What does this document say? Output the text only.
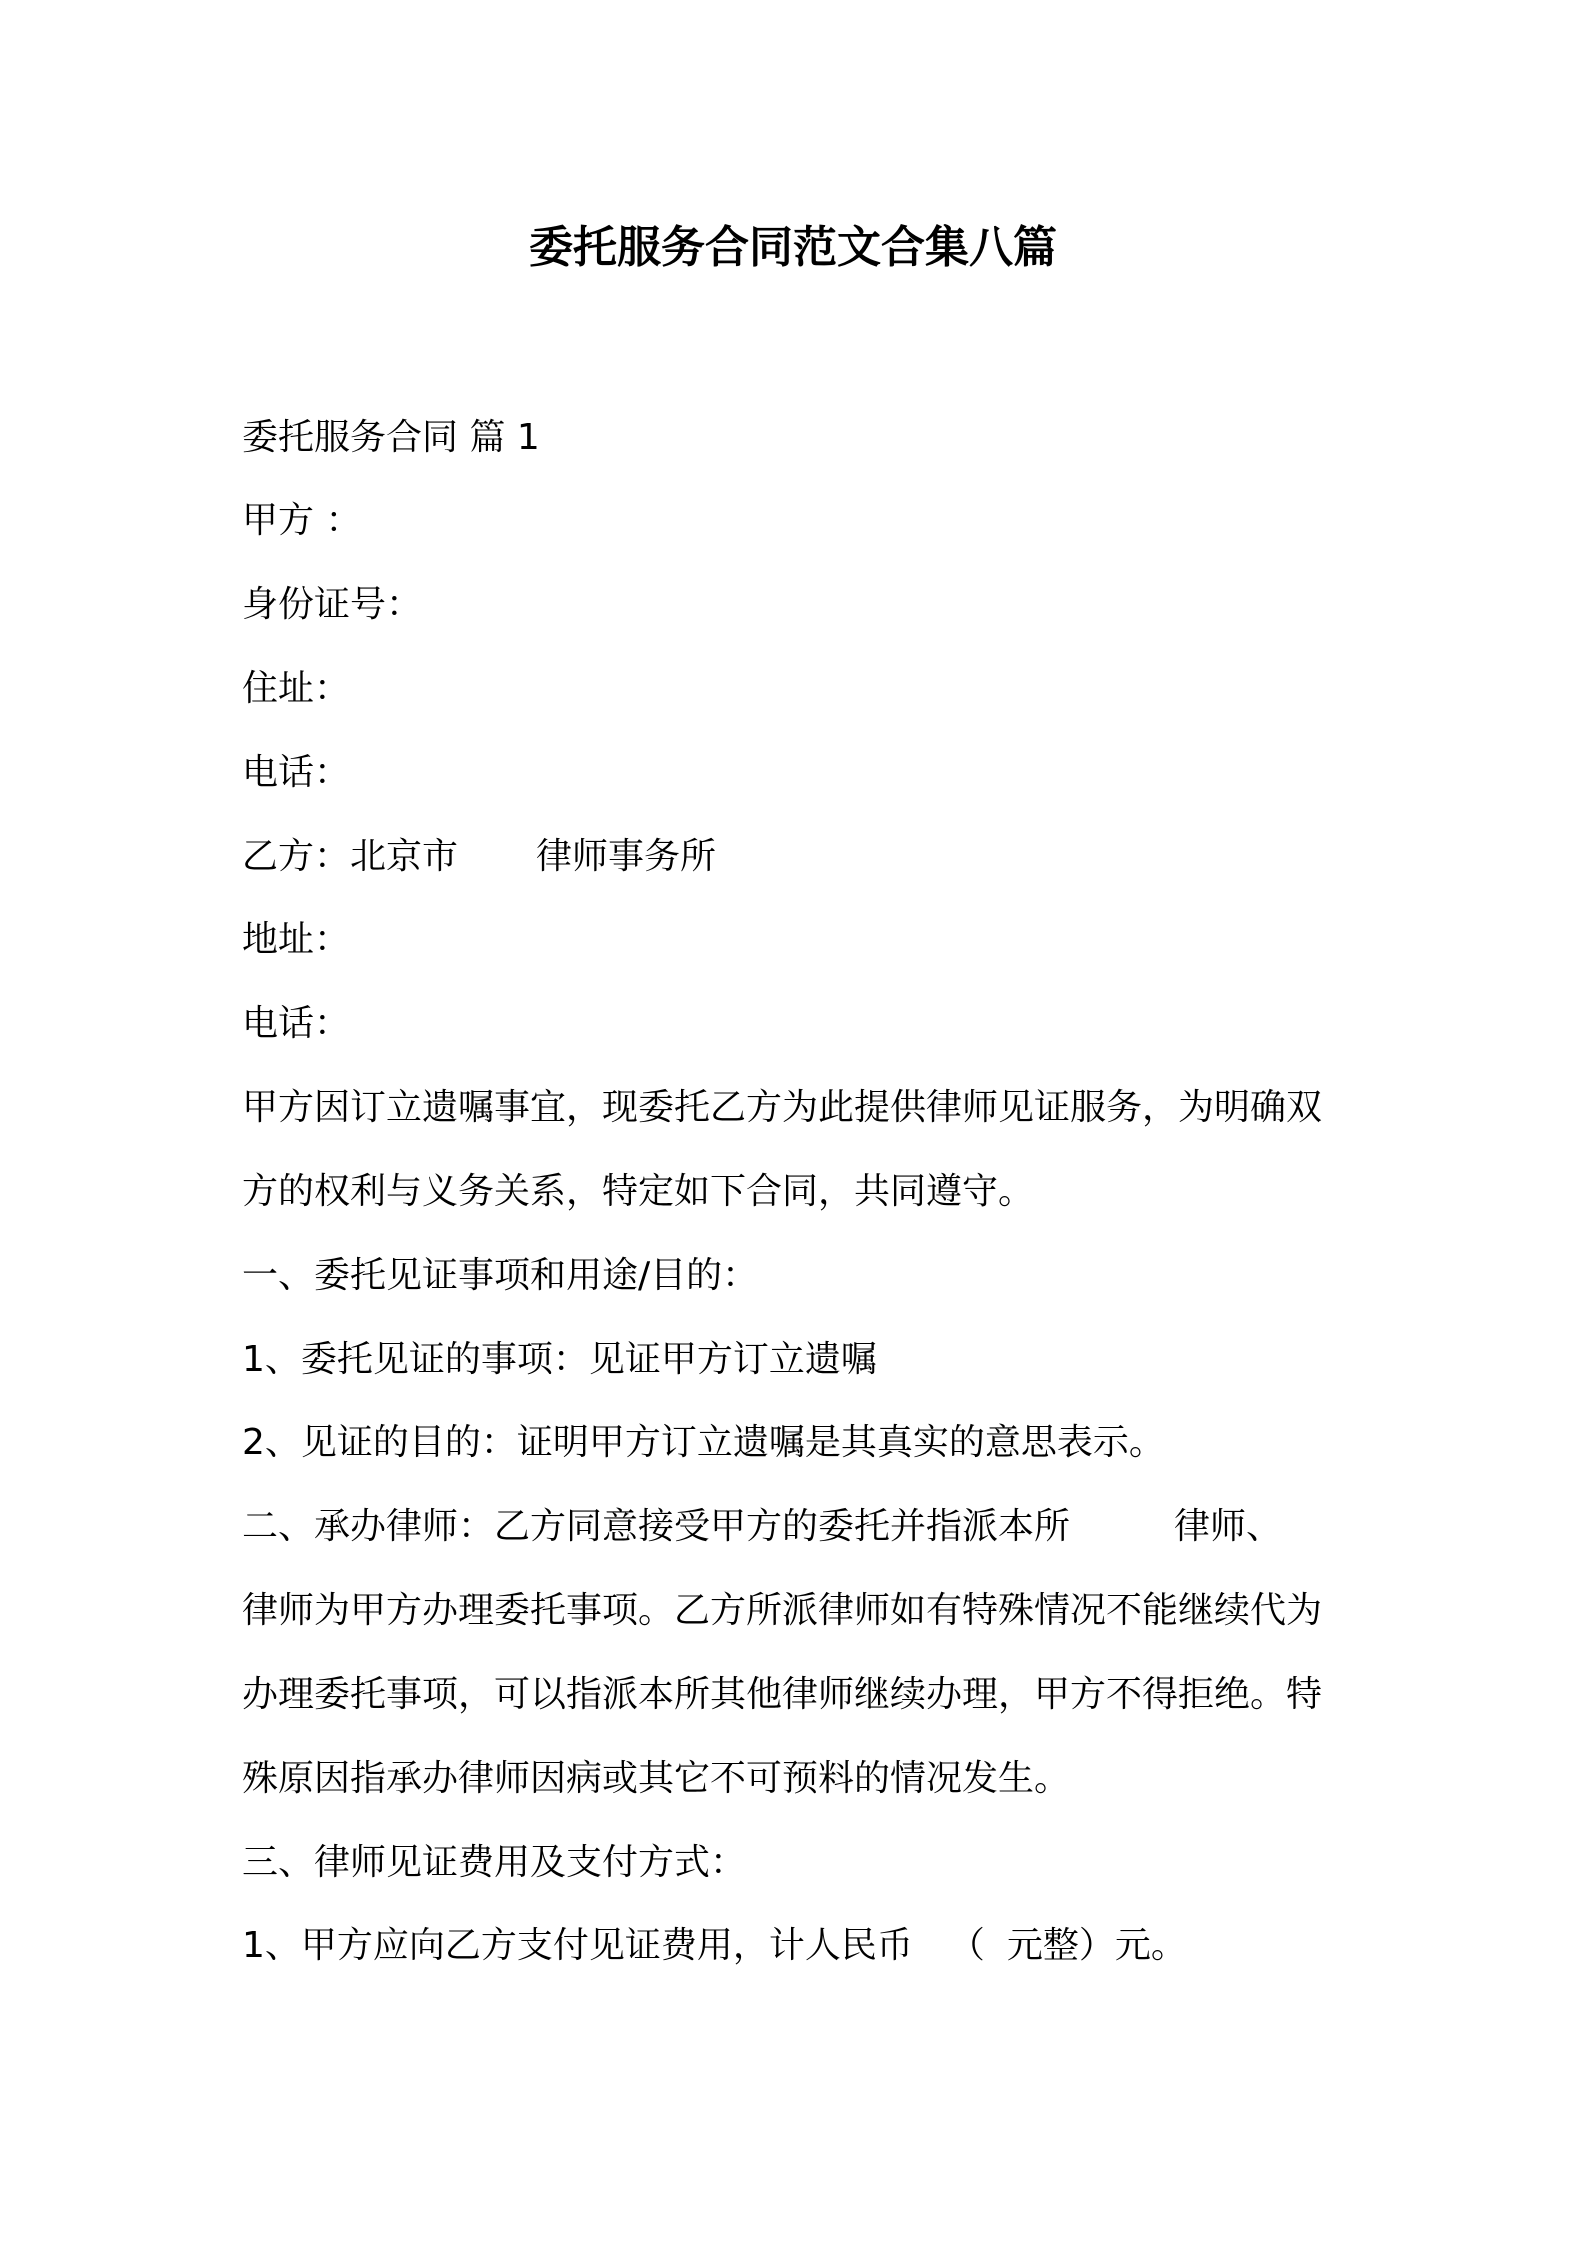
委托服务合同范文合集八篇
委托服务合同 篇 1
甲方 ：
身份证号：
住址：
电话：
乙方：北京市 律师事务所
地址：
电话：
甲方因订立遗嘱事宜，现委托乙方为此提供律师见证服务，为明确双
方的权利与义务关系，特定如下合同，共同遵守。
一、委托见证事项和用途/目的：
1、委托见证的事项：见证甲方订立遗嘱
2、见证的目的：证明甲方订立遗嘱是其真实的意思表示。
二、承办律师：乙方同意接受甲方的委托并指派本所	律师、
律师为甲方办理委托事项。乙方所派律师如有特殊情况不能继续代为
办理委托事项，可以指派本所其他律师继续办理，甲方不得拒绝。特
殊原因指承办律师因病或其它不可预料的情况发生。
三、律师见证费用及支付方式：
1、甲方应向乙方支付见证费用，计人民币 （ 元整）元。
